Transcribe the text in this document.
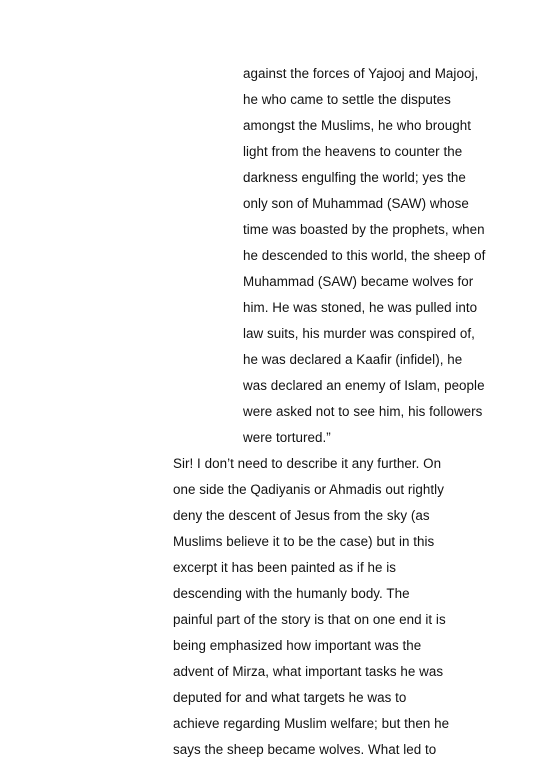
against the forces of Yajooj and Majooj,
he who came to settle the disputes
amongst the Muslims, he who brought
light from the heavens to counter the
darkness engulfing the world; yes the
only son of Muhammad (SAW) whose
time was boasted by the prophets, when
he descended to this world, the sheep of
Muhammad (SAW) became wolves for
him. He was stoned, he was pulled into
law suits, his murder was conspired of,
he was declared a Kaafir (infidel), he
was declared an enemy of Islam, people
were asked not to see him, his followers
were tortured.”
Sir! I don’t need to describe it any further. On
one side the Qadiyanis or Ahmadis out rightly
deny the descent of Jesus from the sky (as
Muslims believe it to be the case) but in this
excerpt it has been painted as if he is
descending with the humanly body. The
painful part of the story is that on one end it is
being emphasized how important was the
advent of Mirza, what important tasks he was
deputed for and what targets he was to
achieve regarding Muslim welfare; but then he
says the sheep became wolves. What led to
